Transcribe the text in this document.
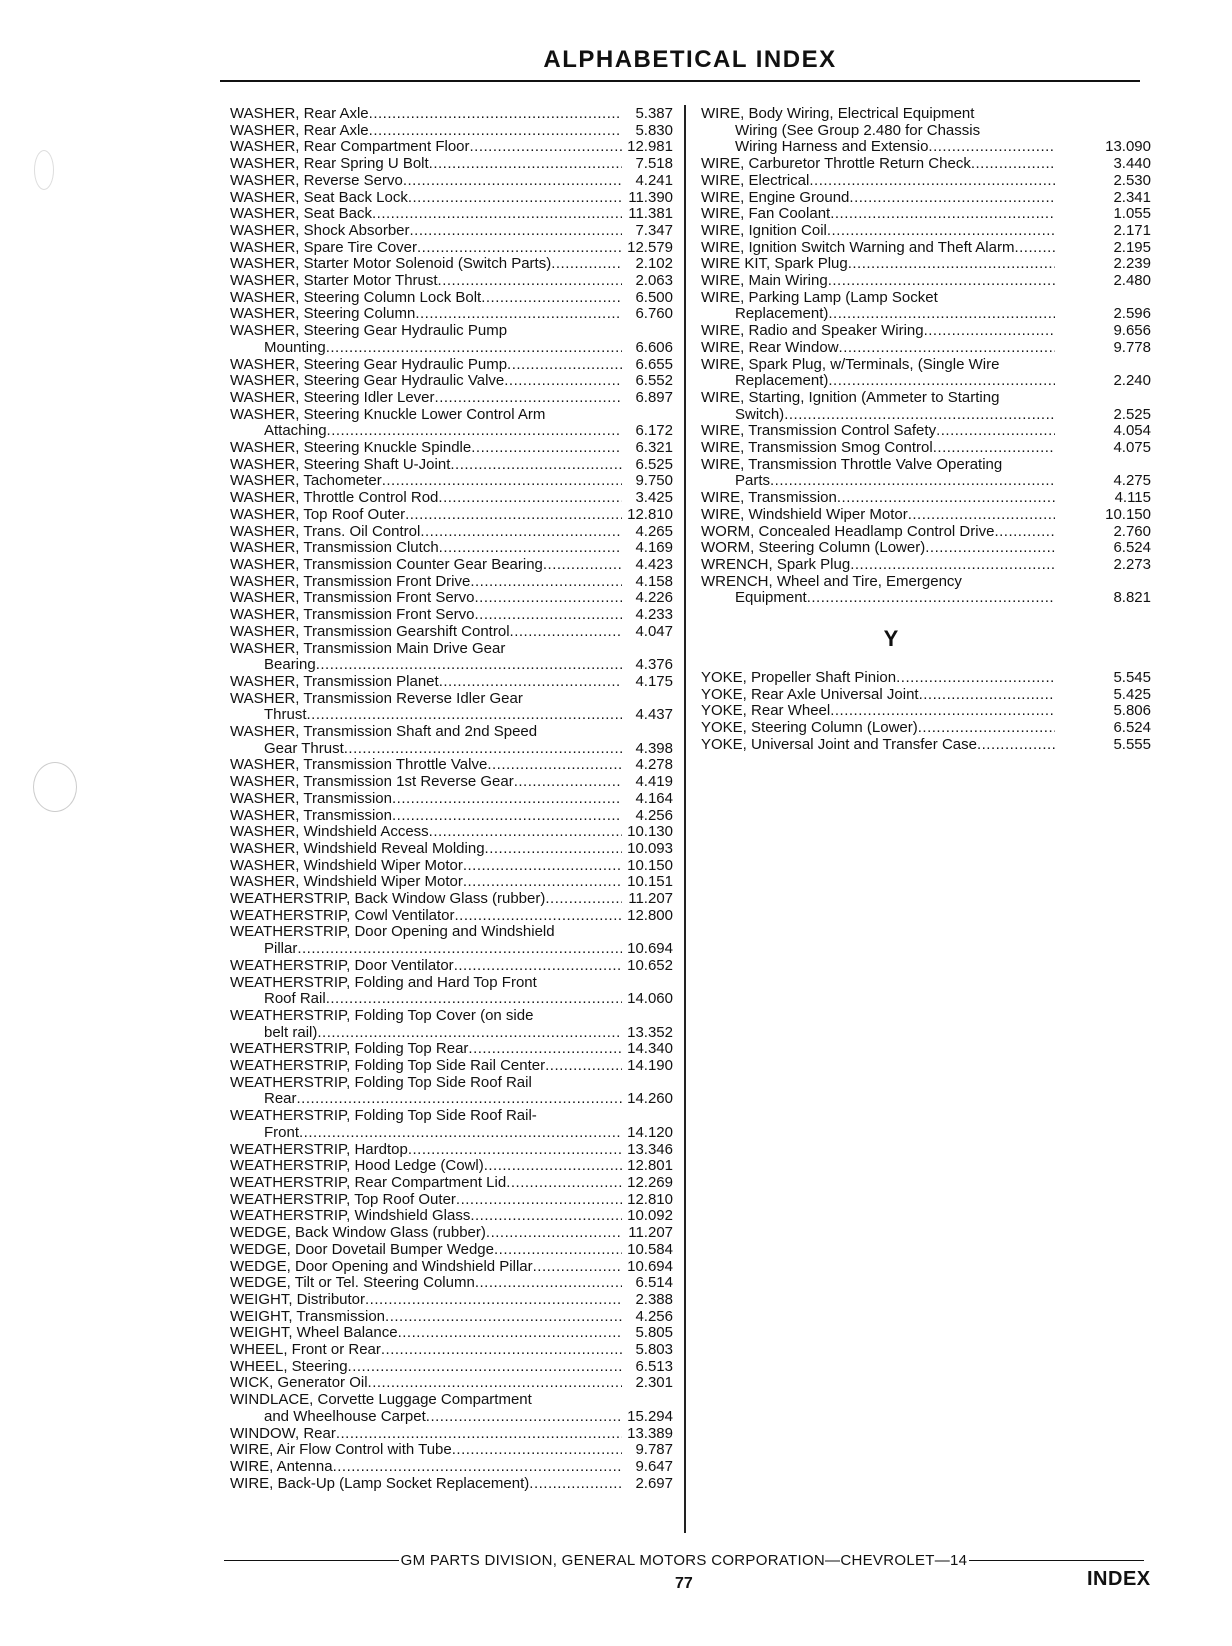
ALPHABETICAL INDEX
WASHER, Rear Axle .....	5.387
WASHER, Rear Axle .....	5.830
WASHER, Rear Compartment Floor .....	12.981
WASHER, Rear Spring U Bolt .....	7.518
WASHER, Reverse Servo .....	4.241
WASHER, Seat Back Lock .....	11.390
WASHER, Seat Back .....	11.381
WASHER, Shock Absorber .....	7.347
WASHER, Spare Tire Cover .....	12.579
WASHER, Starter Motor Solenoid (Switch Parts) .....	2.102
WASHER, Starter Motor Thrust .....	2.063
WASHER, Steering Column Lock Bolt .....	6.500
WASHER, Steering Column .....	6.760
WASHER, Steering Gear Hydraulic Pump
Mounting .....	6.606
WASHER, Steering Gear Hydraulic Pump .....	6.655
WASHER, Steering Gear Hydraulic Valve .....	6.552
WASHER, Steering Idler Lever .....	6.897
WASHER, Steering Knuckle Lower Control Arm
Attaching .....	6.172
WASHER, Steering Knuckle Spindle .....	6.321
WASHER, Steering Shaft U-Joint .....	6.525
WASHER, Tachometer .....	9.750
WASHER, Throttle Control Rod .....	3.425
WASHER, Top Roof Outer .....	12.810
WASHER, Trans. Oil Control .....	4.265
WASHER, Transmission Clutch .....	4.169
WASHER, Transmission Counter Gear Bearing .....	4.423
WASHER, Transmission Front Drive .....	4.158
WASHER, Transmission Front Servo .....	4.226
WASHER, Transmission Front Servo .....	4.233
WASHER, Transmission Gearshift Control .....	4.047
WASHER, Transmission Main Drive Gear
Bearing .....	4.376
WASHER, Transmission Planet .....	4.175
WASHER, Transmission Reverse Idler Gear
Thrust .....	4.437
WASHER, Transmission Shaft and 2nd Speed
Gear Thrust .....	4.398
WASHER, Transmission Throttle Valve .....	4.278
WASHER, Transmission 1st Reverse Gear .....	4.419
WASHER, Transmission .....	4.164
WASHER, Transmission .....	4.256
WASHER, Windshield Access .....	10.130
WASHER, Windshield Reveal Molding .....	10.093
WASHER, Windshield Wiper Motor .....	10.150
WASHER, Windshield Wiper Motor .....	10.151
WEATHERSTRIP, Back Window Glass (rubber) .....	11.207
WEATHERSTRIP, Cowl Ventilator .....	12.800
WEATHERSTRIP, Door Opening and Windshield
Pillar .....	10.694
WEATHERSTRIP, Door Ventilator .....	10.652
WEATHERSTRIP, Folding and Hard Top Front
Roof Rail .....	14.060
WEATHERSTRIP, Folding Top Cover (on side
belt rail) .....	13.352
WEATHERSTRIP, Folding Top Rear .....	14.340
WEATHERSTRIP, Folding Top Side Rail Center .....	14.190
WEATHERSTRIP, Folding Top Side Roof Rail
Rear .....	14.260
WEATHERSTRIP, Folding Top Side Roof Rail-
Front .....	14.120
WEATHERSTRIP, Hardtop .....	13.346
WEATHERSTRIP, Hood Ledge (Cowl) .....	12.801
WEATHERSTRIP, Rear Compartment Lid .....	12.269
WEATHERSTRIP, Top Roof Outer .....	12.810
WEATHERSTRIP, Windshield Glass .....	10.092
WEDGE, Back Window Glass (rubber) .....	11.207
WEDGE, Door Dovetail Bumper Wedge .....	10.584
WEDGE, Door Opening and Windshield Pillar .....	10.694
WEDGE, Tilt or Tel. Steering Column .....	6.514
WEIGHT, Distributor .....	2.388
WEIGHT, Transmission .....	4.256
WEIGHT, Wheel Balance .....	5.805
WHEEL, Front or Rear .....	5.803
WHEEL, Steering .....	6.513
WICK, Generator Oil .....	2.301
WINDLACE, Corvette Luggage Compartment
and Wheelhouse Carpet .....	15.294
WINDOW, Rear .....	13.389
WIRE, Air Flow Control with Tube .....	9.787
WIRE, Antenna .....	9.647
WIRE, Back-Up (Lamp Socket Replacement) .....	2.697
WIRE, Body Wiring, Electrical Equipment
Wiring (See Group 2.480 for Chassis
Wiring Harness and Extensio .....	13.090
WIRE, Carburetor Throttle Return Check .....	3.440
WIRE, Electrical .....	2.530
WIRE, Engine Ground .....	2.341
WIRE, Fan Coolant .....	1.055
WIRE, Ignition Coil .....	2.171
WIRE, Ignition Switch Warning and Theft Alarm .....	2.195
WIRE KIT, Spark Plug .....	2.239
WIRE, Main Wiring .....	2.480
WIRE, Parking Lamp (Lamp Socket
Replacement) .....	2.596
WIRE, Radio and Speaker Wiring .....	9.656
WIRE, Rear Window .....	9.778
WIRE, Spark Plug, w/Terminals, (Single Wire
Replacement) .....	2.240
WIRE, Starting, Ignition (Ammeter to Starting
Switch) .....	2.525
WIRE, Transmission Control Safety .....	4.054
WIRE, Transmission Smog Control .....	4.075
WIRE, Transmission Throttle Valve Operating
Parts .....	4.275
WIRE, Transmission .....	4.115
WIRE, Windshield Wiper Motor .....	10.150
WORM, Concealed Headlamp Control Drive .....	2.760
WORM, Steering Column (Lower) .....	6.524
WRENCH, Spark Plug .....	2.273
WRENCH, Wheel and Tire, Emergency
Equipment .....	8.821
Y
YOKE, Propeller Shaft Pinion .....	5.545
YOKE, Rear Axle Universal Joint .....	5.425
YOKE, Rear Wheel .....	5.806
YOKE, Steering Column (Lower) .....	6.524
YOKE, Universal Joint and Transfer Case .....	5.555
GM PARTS DIVISION, GENERAL MOTORS CORPORATION—CHEVROLET—14
77	INDEX
